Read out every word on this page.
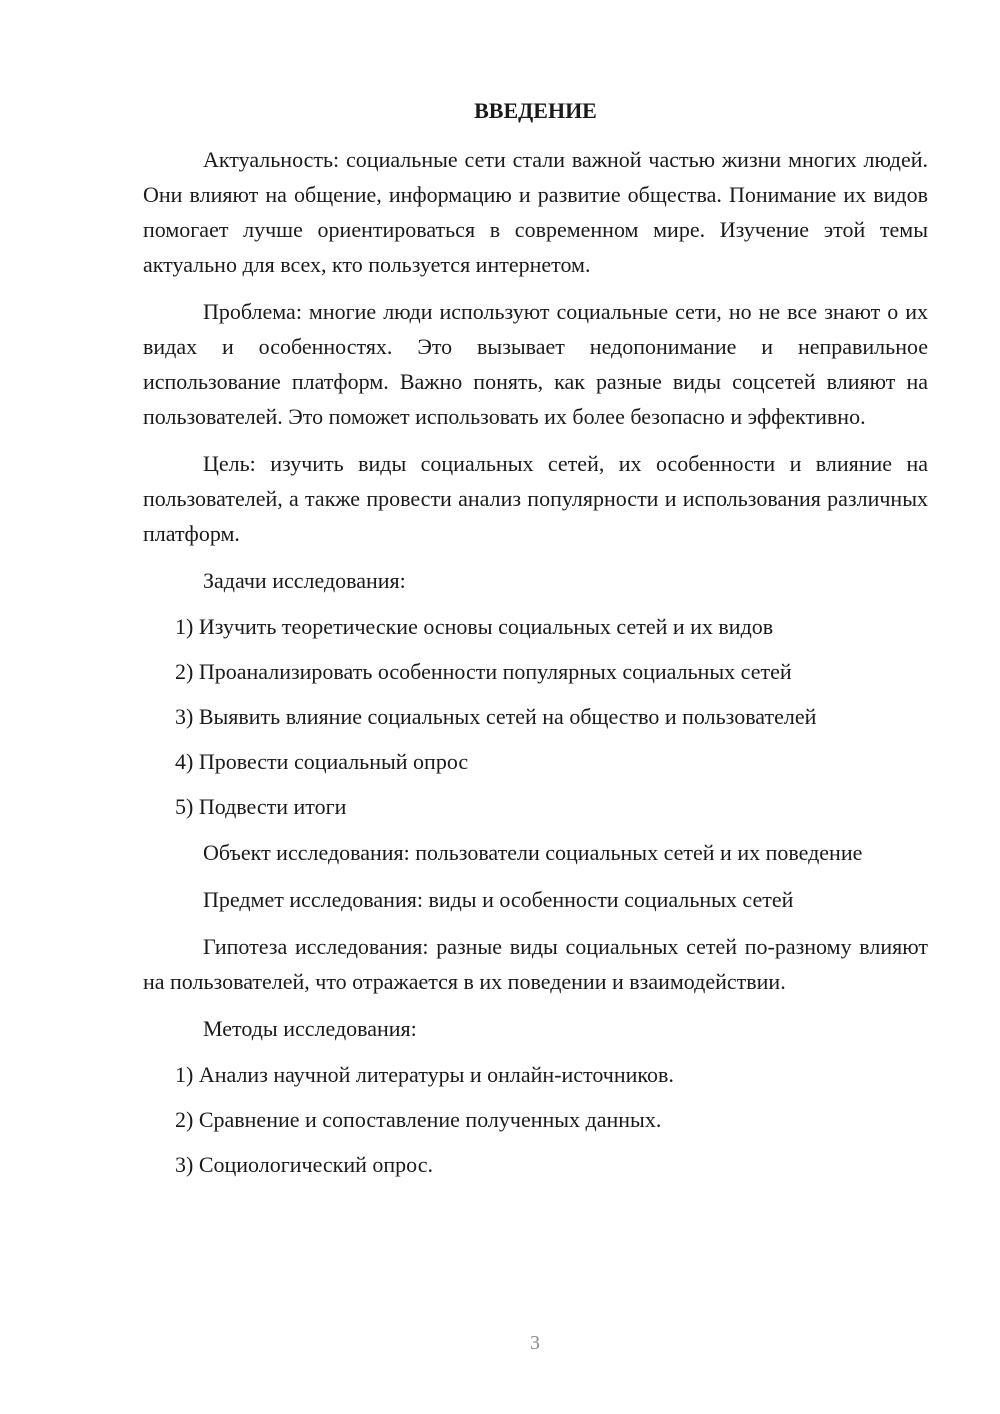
ВВЕДЕНИЕ

Актуальность: социальные сети стали важной частью жизни многих людей. Они влияют на общение, информацию и развитие общества. Понимание их видов помогает лучше ориентироваться в современном мире. Изучение этой темы актуально для всех, кто пользуется интернетом.

Проблема: многие люди используют социальные сети, но не все знают о их видах и особенностях. Это вызывает недопонимание и неправильное использование платформ. Важно понять, как разные виды соцсетей влияют на пользователей. Это поможет использовать их более безопасно и эффективно.

Цель: изучить виды социальных сетей, их особенности и влияние на пользователей, а также провести анализ популярности и использования различных платформ.

Задачи исследования:

1) Изучить теоретические основы социальных сетей и их видов
2) Проанализировать особенности популярных социальных сетей
3) Выявить влияние социальных сетей на общество и пользователей
4) Провести социальный опрос
5) Подвести итоги

Объект исследования: пользователи социальных сетей и их поведение

Предмет исследования: виды и особенности социальных сетей

Гипотеза исследования: разные виды социальных сетей по-разному влияют на пользователей, что отражается в их поведении и взаимодействии.

Методы исследования:

1) Анализ научной литературы и онлайн-источников.
2) Сравнение и сопоставление полученных данных.
3) Социологический опрос.
3
